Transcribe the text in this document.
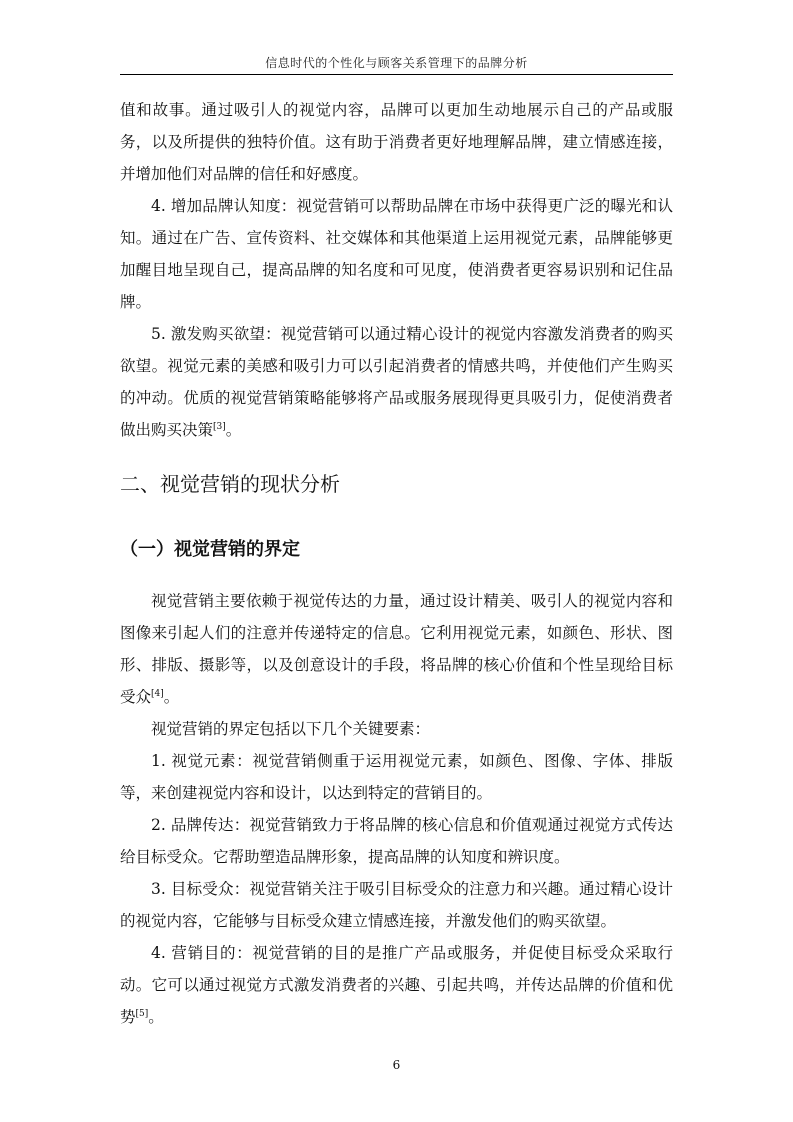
信息时代的个性化与顾客关系管理下的品牌分析

值和故事。通过吸引人的视觉内容，品牌可以更加生动地展示自己的产品或服务，以及所提供的独特价值。这有助于消费者更好地理解品牌，建立情感连接，并增加他们对品牌的信任和好感度。

4. 增加品牌认知度：视觉营销可以帮助品牌在市场中获得更广泛的曝光和认知。通过在广告、宣传资料、社交媒体和其他渠道上运用视觉元素，品牌能够更加醒目地呈现自己，提高品牌的知名度和可见度，使消费者更容易识别和记住品牌。

5. 激发购买欲望：视觉营销可以通过精心设计的视觉内容激发消费者的购买欲望。视觉元素的美感和吸引力可以引起消费者的情感共鸣，并使他们产生购买的冲动。优质的视觉营销策略能够将产品或服务展现得更具吸引力，促使消费者做出购买决策[3]。

二、视觉营销的现状分析
（一）视觉营销的界定

视觉营销主要依赖于视觉传达的力量，通过设计精美、吸引人的视觉内容和图像来引起人们的注意并传递特定的信息。它利用视觉元素，如颜色、形状、图形、排版、摄影等，以及创意设计的手段，将品牌的核心价值和个性呈现给目标受众[4]。

视觉营销的界定包括以下几个关键要素：

1. 视觉元素：视觉营销侧重于运用视觉元素，如颜色、图像、字体、排版等，来创建视觉内容和设计，以达到特定的营销目的。

2. 品牌传达：视觉营销致力于将品牌的核心信息和价值观通过视觉方式传达给目标受众。它帮助塑造品牌形象，提高品牌的认知度和辨识度。

3. 目标受众：视觉营销关注于吸引目标受众的注意力和兴趣。通过精心设计的视觉内容，它能够与目标受众建立情感连接，并激发他们的购买欲望。

4. 营销目的：视觉营销的目的是推广产品或服务，并促使目标受众采取行动。它可以通过视觉方式激发消费者的兴趣、引起共鸣，并传达品牌的价值和优势[5]。

6
